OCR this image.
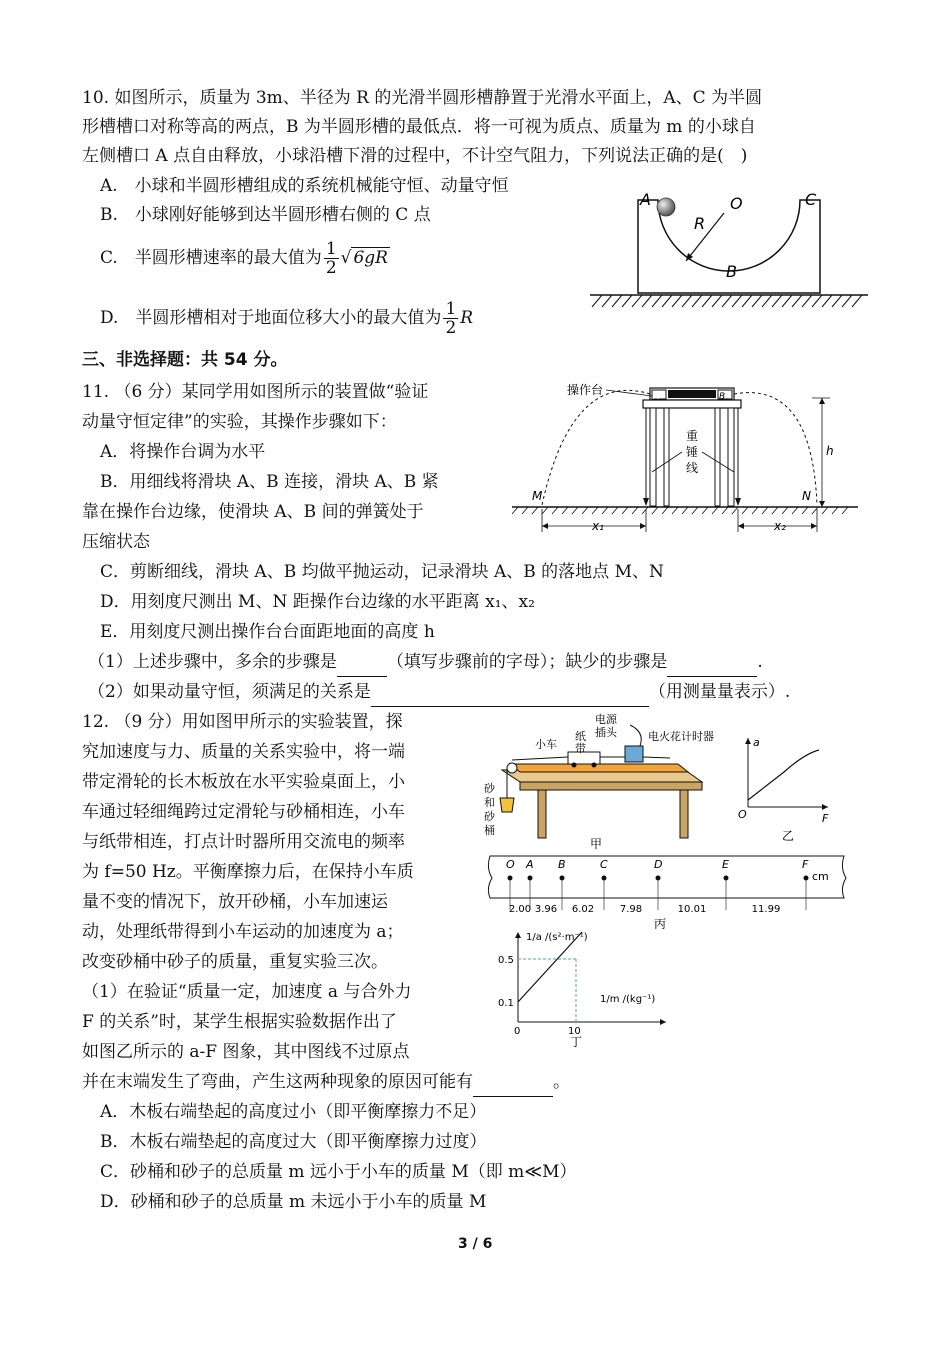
10. 如图所示，质量为 3m、半径为 R 的光滑半圆形槽静置于光滑水平面上，A、C 为半圆
形槽槽口对称等高的两点，B 为半圆形槽的最低点．将一可视为质点、质量为 m 的小球自
左侧槽口 A 点自由释放，小球沿槽下滑的过程中，不计空气阻力，下列说法正确的是(　)
A.　小球和半圆形槽组成的系统机械能守恒、动量守恒
B.　小球刚好能够到达半圆形槽右侧的 C 点
C.　半圆形槽速率的最大值为 $\frac{1}{2}$ √ 6gR
D.　半圆形槽相对于地面位移大小的最大值为 $\frac{1}{2}$ R
A	O	C
R
B
三、非选择题：共 54 分。
11. （6 分）某同学用如图所示的装置做“验证
动量守恒定律”的实验，其操作步骤如下：
A．将操作台调为水平
B．用细线将滑块 A、B 连接，滑块 A、B 紧
靠在操作台边缘，使滑块 A、B 间的弹簧处于
压缩状态
C．剪断细线，滑块 A、B 均做平抛运动，记录滑块 A、B 的落地点 M、N
D．用刻度尺测出 M、N 距操作台边缘的水平距离 x₁、x₂
E．用刻度尺测出操作台台面距地面的高度 h
（1）上述步骤中，多余的步骤是	（填写步骤前的字母）；缺少的步骤是	.
（2）如果动量守恒，须满足的关系是	（用测量量表示）.
操作台	A	B
h
重
锤
线
M	N
x₁	x₂
12. （9 分）用如图甲所示的实验装置，探
究加速度与力、质量的关系实验中，将一端
带定滑轮的长木板放在水平实验桌面上，小
车通过轻细绳跨过定滑轮与砂桶相连，小车
与纸带相连，打点计时器所用交流电的频率
为 f=50 Hz。平衡摩擦力后，在保持小车质
量不变的情况下，放开砂桶，小车加速运
动，处理纸带得到小车运动的加速度为 a；
改变砂桶中砂子的质量，重复实验三次。
（1）在验证“质量一定，加速度 a 与合外力
F 的关系”时，某学生根据实验数据作出了
如图乙所示的 a-F 图象，其中图线不过原点
并在末端发生了弯曲，产生这两种现象的原因可能有	。
A．木板右端垫起的高度过小（即平衡摩擦力不足）
B．木板右端垫起的高度过大（即平衡摩擦力过度）
C．砂桶和砂子的总质量 m 远小于小车的质量 M（即 m≪M）
D．砂桶和砂子的总质量 m 未远小于小车的质量 M
电源
插头	电火花计时器
纸
带
小车
砂
和
砂
桶
甲
a
F
O
乙
O A B	C	D	E	F
2.00 3.96 6.02	7.98	10.01	11.99
cm
丙
1/a /(s²·m⁻¹)
1/m /(kg⁻¹)
0.5
0.1
0	10
丁
3 / 6
